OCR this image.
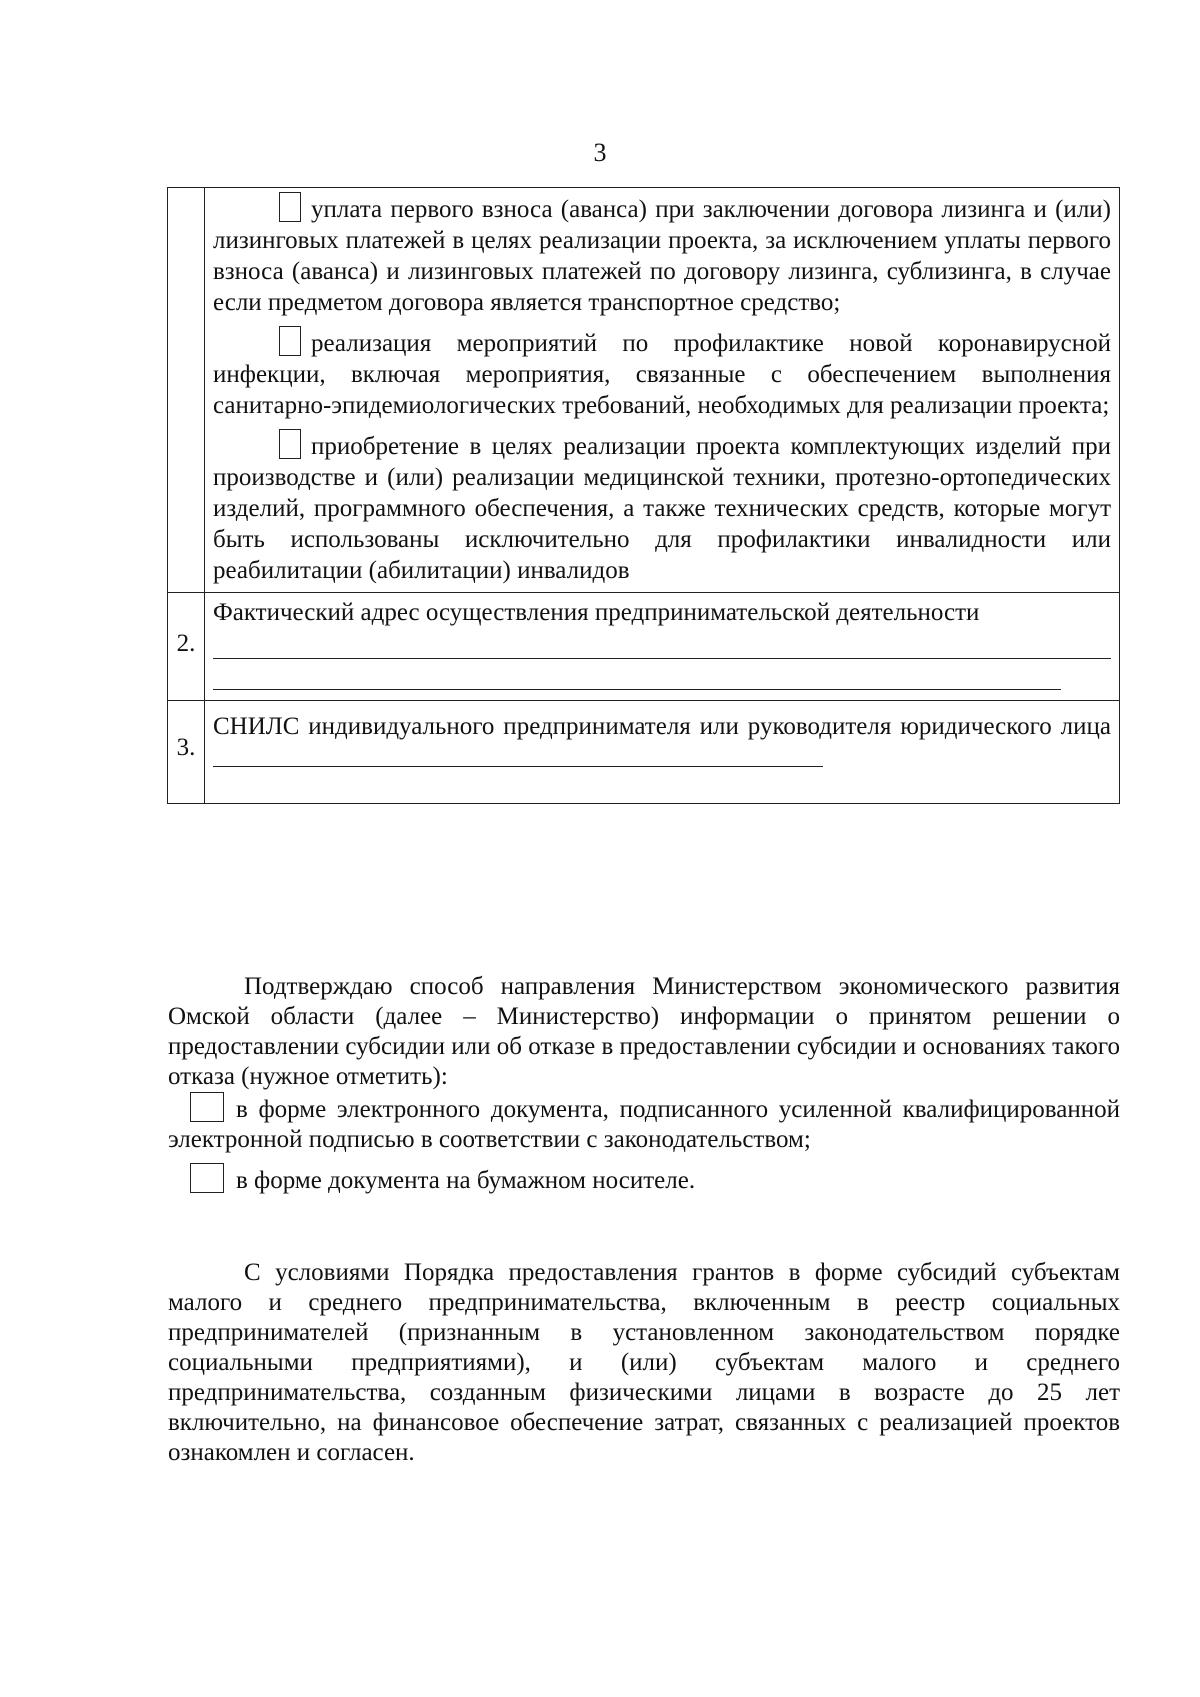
3

	уплата первого взноса (аванса) при заключении договора лизинга и (или) лизинговых платежей в целях реализации проекта, за исключением уплаты первого взноса (аванса) и лизинговых платежей по договору лизинга, сублизинга, в случае если предметом договора является транспортное средство;

реализация мероприятий по профилактике новой коронавирусной инфекции, включая мероприятия, связанные с обеспечением выполнения санитарно-эпидемиологических требований, необходимых для реализации проекта;

приобретение в целях реализации проекта комплектующих изделий при производстве и (или) реализации медицинской техники, протезно-ортопедических изделий, программного обеспечения, а также технических средств, которые могут быть использованы исключительно для профилактики инвалидности или реабилитации (абилитации) инвалидов

2.	Фактический адрес осуществления предпринимательской деятельности

3.	СНИЛС индивидуального предпринимателя или руководителя юридического лица

Подтверждаю способ направления Министерством экономического развития Омской области (далее – Министерство) информации о принятом решении о предоставлении субсидии или об отказе в предоставлении субсидии и основаниях такого отказа (нужное отметить):

в форме электронного документа, подписанного усиленной квалифицированной электронной подписью в соответствии с законодательством;

в форме документа на бумажном носителе.

С условиями Порядка предоставления грантов в форме субсидий субъектам малого и среднего предпринимательства, включенным в реестр социальных предпринимателей (признанным в установленном законодательством порядке социальными предприятиями), и (или) субъектам малого и среднего предпринимательства, созданным физическими лицами в возрасте до 25 лет включительно, на финансовое обеспечение затрат, связанных с реализацией проектов ознакомлен и согласен.
